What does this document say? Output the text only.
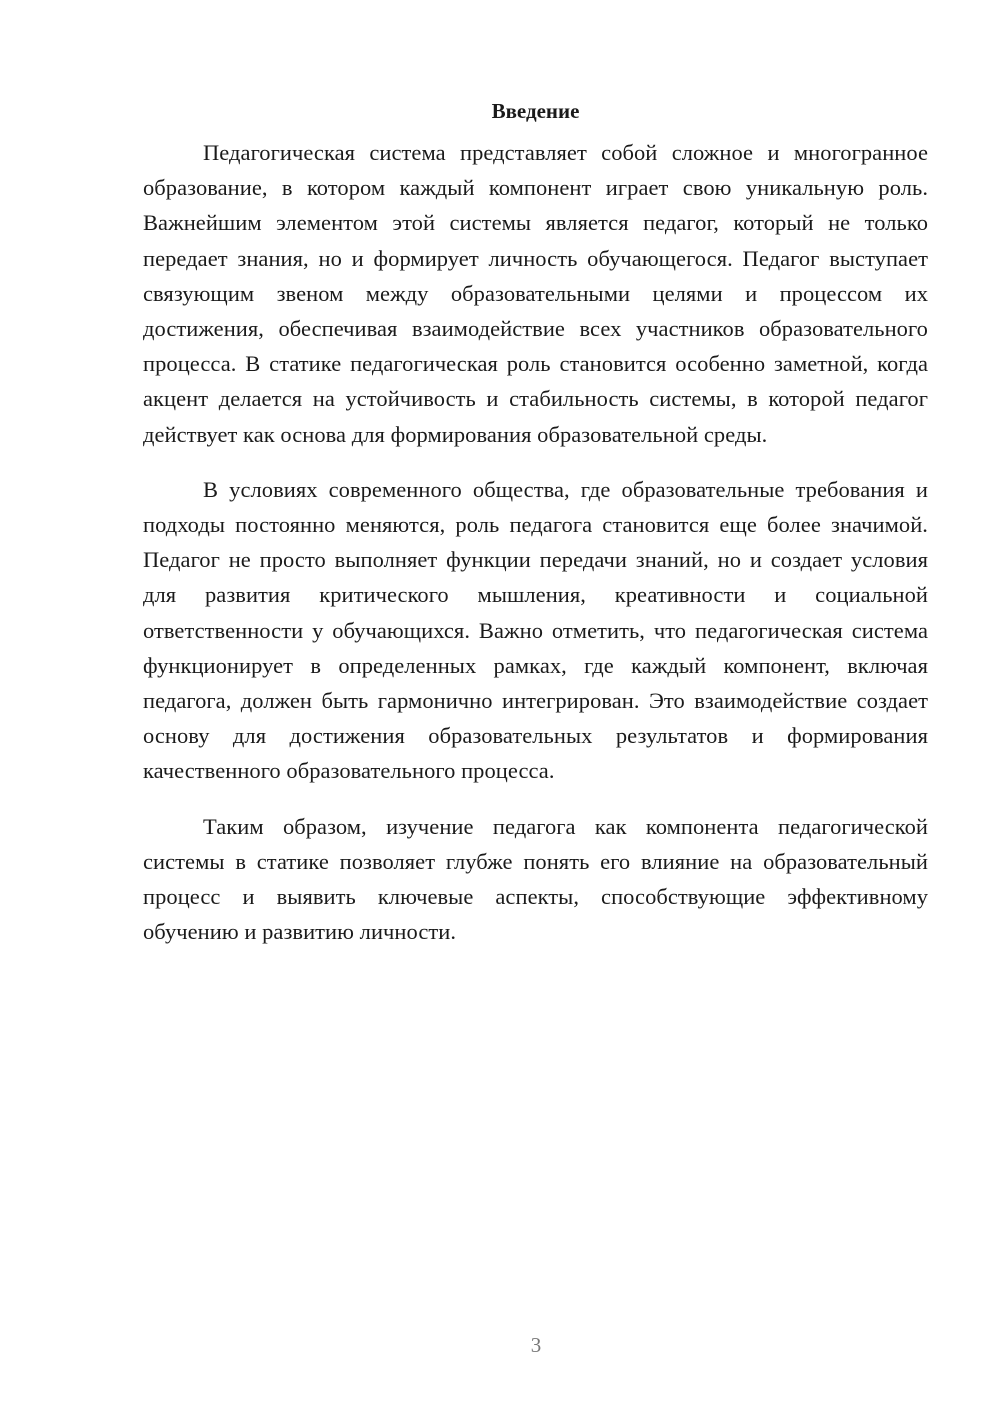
Введение

Педагогическая система представляет собой сложное и многогранное образование, в котором каждый компонент играет свою уникальную роль. Важнейшим элементом этой системы является педагог, который не только передает знания, но и формирует личность обучающегося. Педагог выступает связующим звеном между образовательными целями и процессом их достижения, обеспечивая взаимодействие всех участников образовательного процесса. В статике педагогическая роль становится особенно заметной, когда акцент делается на устойчивость и стабильность системы, в которой педагог действует как основа для формирования образовательной среды.

В условиях современного общества, где образовательные требования и подходы постоянно меняются, роль педагога становится еще более значимой. Педагог не просто выполняет функции передачи знаний, но и создает условия для развития критического мышления, креативности и социальной ответственности у обучающихся. Важно отметить, что педагогическая система функционирует в определенных рамках, где каждый компонент, включая педагога, должен быть гармонично интегрирован. Это взаимодействие создает основу для достижения образовательных результатов и формирования качественного образовательного процесса.

Таким образом, изучение педагога как компонента педагогической системы в статике позволяет глубже понять его влияние на образовательный процесс и выявить ключевые аспекты, способствующие эффективному обучению и развитию личности.

3
